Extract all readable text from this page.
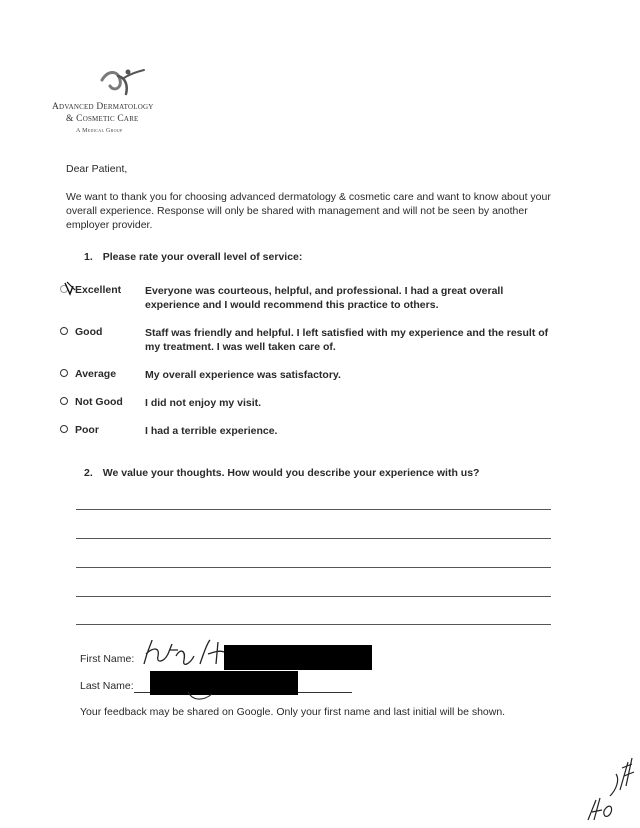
Advanced Dermatology
& Cosmetic Care
A Medical Group
Dear Patient,
We want to thank you for choosing advanced dermatology & cosmetic care and want to know about your overall experience. Response will only be shared with management and will not be seen by another employer provider.
1. Please rate your overall level of service:
Excellent	Everyone was courteous, helpful, and professional. I had a great overall experience and I would recommend this practice to others.
Good	Staff was friendly and helpful. I left satisfied with my experience and the result of my treatment. I was well taken care of.
Average	My overall experience was satisfactory.
Not Good	I did not enjoy my visit.
Poor	I had a terrible experience.
2. We value your thoughts. How would you describe your experience with us?
First Name:
Last Name:
Your feedback may be shared on Google. Only your first name and last initial will be shown.
